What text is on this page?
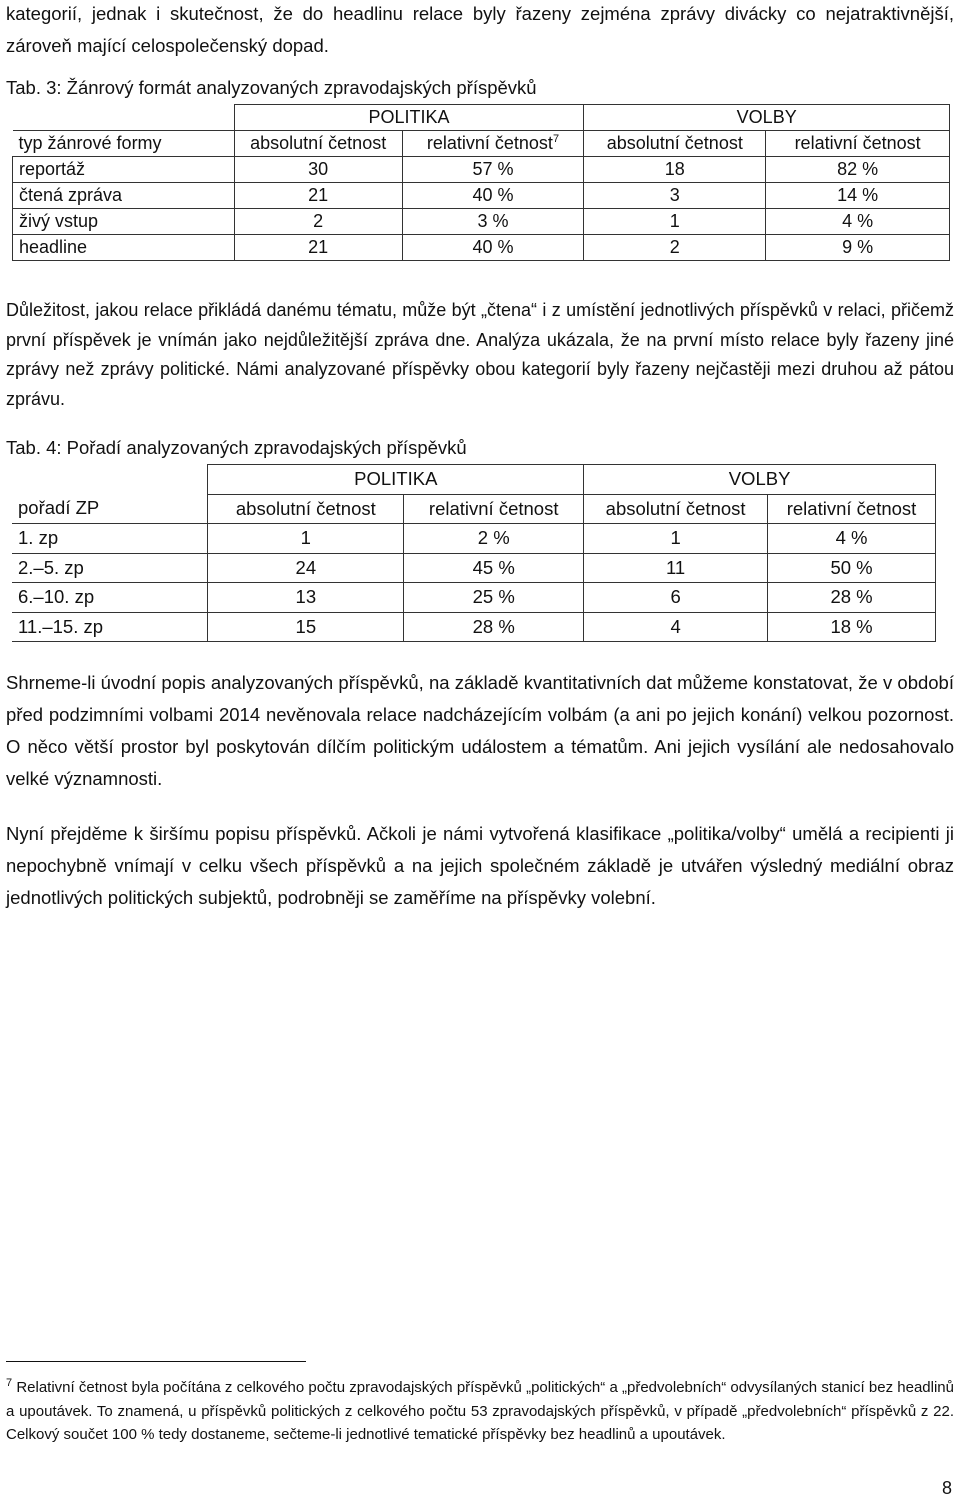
kategorií, jednak i skutečnost, že do headlinu relace byly řazeny zejména zprávy divácky co nejatraktivnější, zároveň mající celospolečenský dopad.

Tab. 3: Žánrový formát analyzovaných zpravodajských příspěvků

	POLITIKA		VOLBY	
typ žánrové formy	absolutní četnost	relativní četnost$^7$	absolutní četnost	relativní četnost
reportáž	30	57 %	18	82 %
čtená zpráva	21	40 %	3	14 %
živý vstup	2	3 %	1	4 %
headline	21	40 %	2	9 %

Důležitost, jakou relace přikládá danému tématu, může být „čtena“ i z umístění jednotlivých příspěvků v relaci, přičemž první příspěvek je vnímán jako nejdůležitější zpráva dne. Analýza ukázala, že na první místo relace byly řazeny jiné zprávy než zprávy politické. Námi analyzované příspěvky obou kategorií byly řazeny nejčastěji mezi druhou až pátou zprávu.

Tab. 4: Pořadí analyzovaných zpravodajských příspěvků

	POLITIKA		VOLBY	
pořadí ZP	absolutní četnost	relativní četnost	absolutní četnost	relativní četnost
1. zp	1	2 %	1	4 %
2.–5. zp	24	45 %	11	50 %
6.–10. zp	13	25 %	6	28 %
11.–15. zp	15	28 %	4	18 %

Shrneme-li úvodní popis analyzovaných příspěvků, na základě kvantitativních dat můžeme konstatovat, že v období před podzimními volbami 2014 nevěnovala relace nadcházejícím volbám (a ani po jejich konání) velkou pozornost. O něco větší prostor byl poskytován dílčím politickým událostem a tématům. Ani jejich vysílání ale nedosahovalo velké významnosti.

Nyní přejděme k širšímu popisu příspěvků. Ačkoli je námi vytvořená klasifikace „politika/volby“ umělá a recipienti ji nepochybně vnímají v celku všech příspěvků a na jejich společném základě je utvářen výsledný mediální obraz jednotlivých politických subjektů, podrobněji se zaměříme na příspěvky volební.

$^7$ Relativní četnost byla počítána z celkového počtu zpravodajských příspěvků „politických“ a „předvolebních“ odvysílaných stanicí bez headlinů a upoutávek. To znamená, u příspěvků politických z celkového počtu 53 zpravodajských příspěvků, v případě „předvolebních“ příspěvků z 22. Celkový součet 100 % tedy dostaneme, sečteme-li jednotlivé tematické příspěvky bez headlinů a upoutávek.

8
